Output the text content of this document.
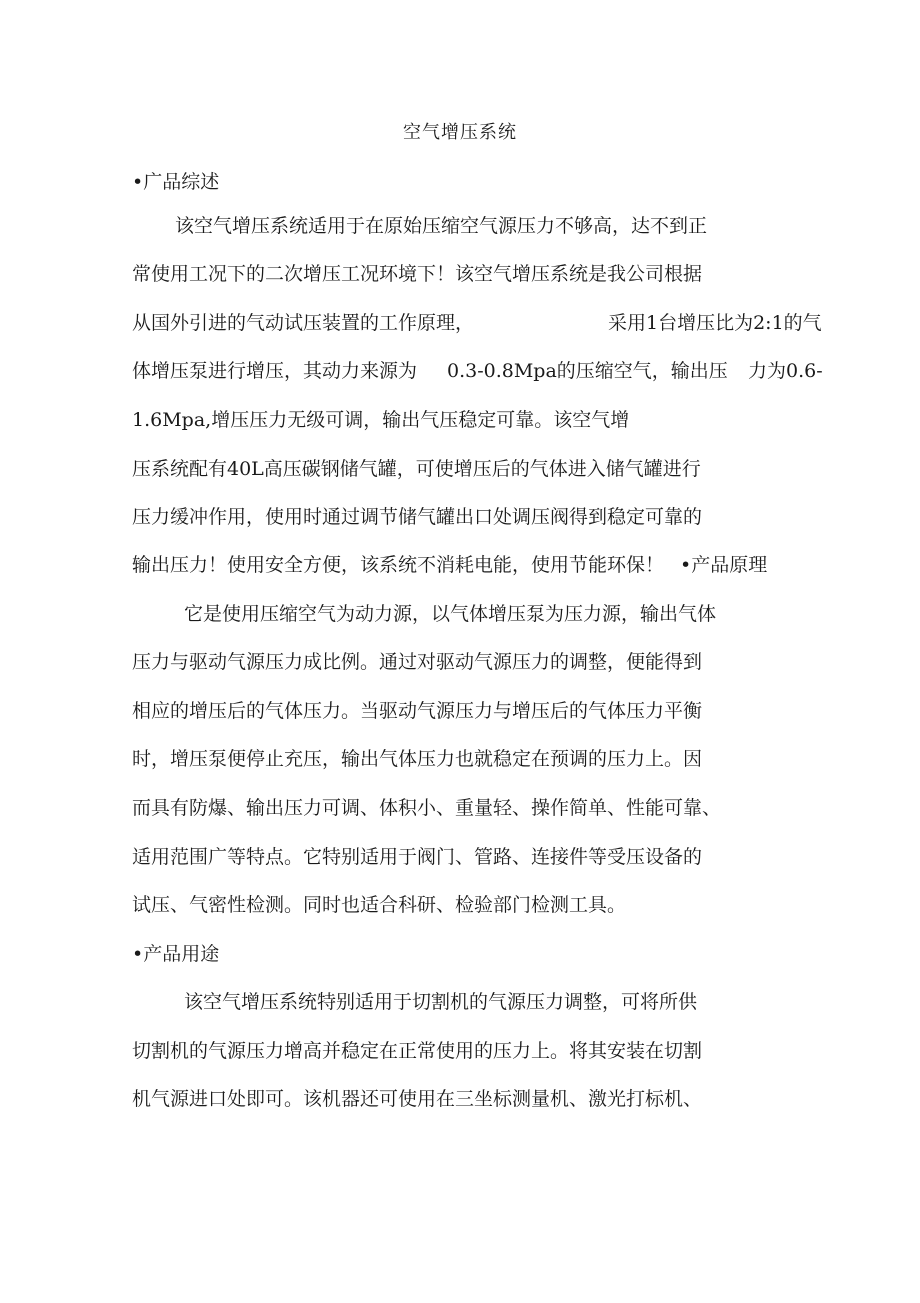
空气增压系统
•广品综述
该空气增压系统适用于在原始压缩空气源压力不够高，达不到正
常使用工况下的二次增压工况环境下！该空气增压系统是我公司根据
从国外引进的气动试压装置的工作原理，	采用1台增压比为2:1的气
体增压泵进行增压，其动力来源为 0.3-0.8Mpa的压缩空气，输出压 力为0.6-
1.6Mpa,增压压力无级可调，输出气压稳定可靠。该空气增
压系统配有40L高压碳钢储气罐，可使增压后的气体进入储气罐进行
压力缓冲作用，使用时通过调节储气罐出口处调压阀得到稳定可靠的
输出压力！使用安全方便，该系统不消耗电能，使用节能环保！ •产品原理
它是使用压缩空气为动力源，以气体增压泵为压力源，输出气体
压力与驱动气源压力成比例。通过对驱动气源压力的调整，便能得到
相应的增压后的气体压力。当驱动气源压力与增压后的气体压力平衡
时，增压泵便停止充压，输出气体压力也就稳定在预调的压力上。因
而具有防爆、输出压力可调、体积小、重量轻、操作简单、性能可靠、
适用范围广等特点。它特别适用于阀门、管路、连接件等受压设备的
试压、气密性检测。同时也适合科研、检验部门检测工具。
•产品用途
该空气增压系统特别适用于切割机的气源压力调整，可将所供
切割机的气源压力增高并稳定在正常使用的压力上。将其安装在切割
机气源进口处即可。该机器还可使用在三坐标测量机、激光打标机、
